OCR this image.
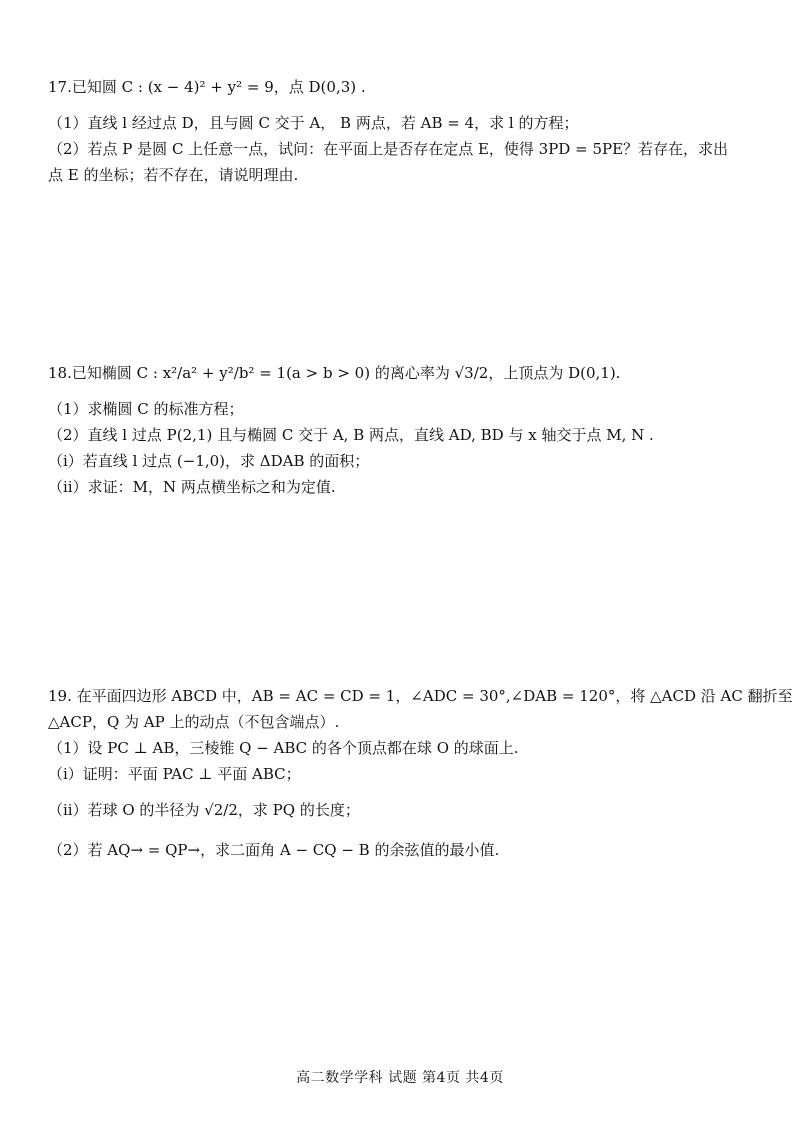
17.已知圆 C : (x − 4)² + y² = 9，点 D(0,3) .
（1）直线 l 经过点 D，且与圆 C 交于 A， B 两点，若 AB = 4，求 l 的方程；
（2）若点 P 是圆 C 上任意一点，试问：在平面上是否存在定点 E，使得 3PD = 5PE？若存在，求出
点 E 的坐标；若不存在，请说明理由.
18.已知椭圆 C : x²/a² + y²/b² = 1(a > b > 0) 的离心率为 √3/2，上顶点为 D(0,1).
（1）求椭圆 C 的标准方程；
（2）直线 l 过点 P(2,1) 且与椭圆 C 交于 A, B 两点，直线 AD, BD 与 x 轴交于点 M, N .
（i）若直线 l 过点 (−1,0)，求 ΔDAB 的面积；
（ii）求证：M，N 两点横坐标之和为定值.
19. 在平面四边形 ABCD 中，AB = AC = CD = 1，∠ADC = 30°,∠DAB = 120°，将 △ACD 沿 AC 翻折至
△ACP，Q 为 AP 上的动点（不包含端点）.
（1）设 PC ⊥ AB，三棱锥 Q − ABC 的各个顶点都在球 O 的球面上.
（i）证明：平面 PAC ⊥ 平面 ABC；
（ii）若球 O 的半径为 √2/2，求 PQ 的长度；
（2）若 AQ→ = QP→，求二面角 A − CQ − B 的余弦值的最小值.
高二数学学科 试题 第4页 共4页
